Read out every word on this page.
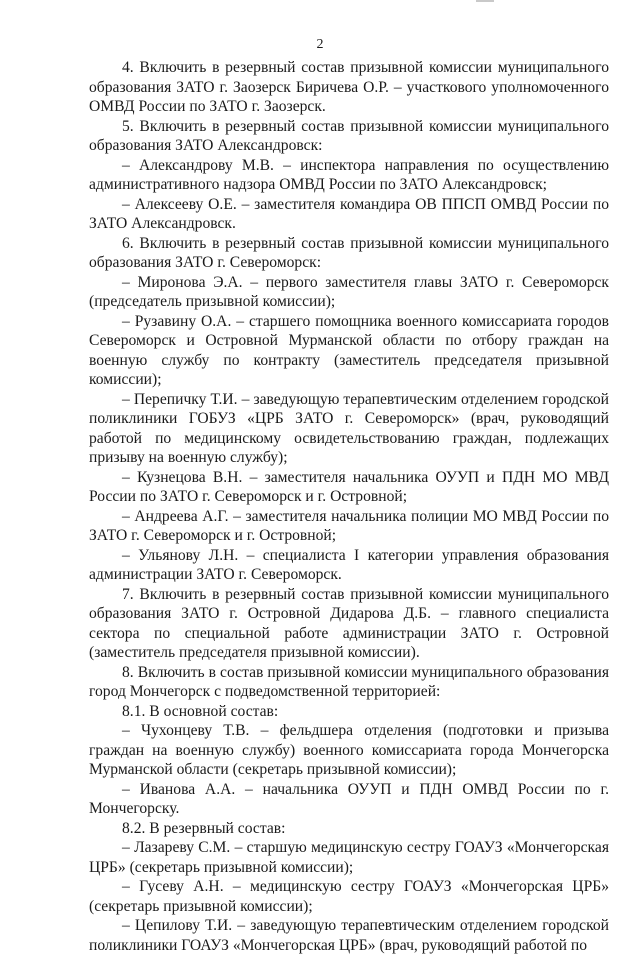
2

4. Включить в резервный состав призывной комиссии муниципального образования ЗАТО г. Заозерск Биричева О.Р. – участкового уполномоченного ОМВД России по ЗАТО г. Заозерск.

5. Включить в резервный состав призывной комиссии муниципального образования ЗАТО Александровск:

– Александрову М.В. – инспектора направления по осуществлению административного надзора ОМВД России по ЗАТО Александровск;

– Алексееву О.Е. – заместителя командира ОВ ППСП ОМВД России по ЗАТО Александровск.

6. Включить в резервный состав призывной комиссии муниципального образования ЗАТО г. Североморск:

– Миронова Э.А. – первого заместителя главы ЗАТО г. Североморск (председатель призывной комиссии);

– Рузавину О.А. – старшего помощника военного комиссариата городов Североморск и Островной Мурманской области по отбору граждан на военную службу по контракту (заместитель председателя призывной комиссии);

– Перепичку Т.И. – заведующую терапевтическим отделением городской поликлиники ГОБУЗ «ЦРБ ЗАТО г. Североморск» (врач, руководящий работой по медицинскому освидетельствованию граждан, подлежащих призыву на военную службу);

– Кузнецова В.Н. – заместителя начальника ОУУП и ПДН МО МВД России по ЗАТО г. Североморск и г. Островной;

– Андреева А.Г. – заместителя начальника полиции МО МВД России по ЗАТО г. Североморск и г. Островной;

– Ульянову Л.Н. – специалиста I категории управления образования администрации ЗАТО г. Североморск.

7. Включить в резервный состав призывной комиссии муниципального образования ЗАТО г. Островной Дидарова Д.Б. – главного специалиста сектора по специальной работе администрации ЗАТО г. Островной (заместитель председателя призывной комиссии).

8. Включить в состав призывной комиссии муниципального образования город Мончегорск с подведомственной территорией:

8.1. В основной состав:

– Чухонцеву Т.В. – фельдшера отделения (подготовки и призыва граждан на военную службу) военного комиссариата города Мончегорска Мурманской области (секретарь призывной комиссии);

– Иванова А.А. – начальника ОУУП и ПДН ОМВД России по г. Мончегорску.

8.2. В резервный состав:

– Лазареву С.М. – старшую медицинскую сестру ГОАУЗ «Мончегорская ЦРБ» (секретарь призывной комиссии);

– Гусеву А.Н. – медицинскую сестру ГОАУЗ «Мончегорская ЦРБ» (секретарь призывной комиссии);

– Цепилову Т.И. – заведующую терапевтическим отделением городской поликлиники ГОАУЗ «Мончегорская ЦРБ» (врач, руководящий работой по
